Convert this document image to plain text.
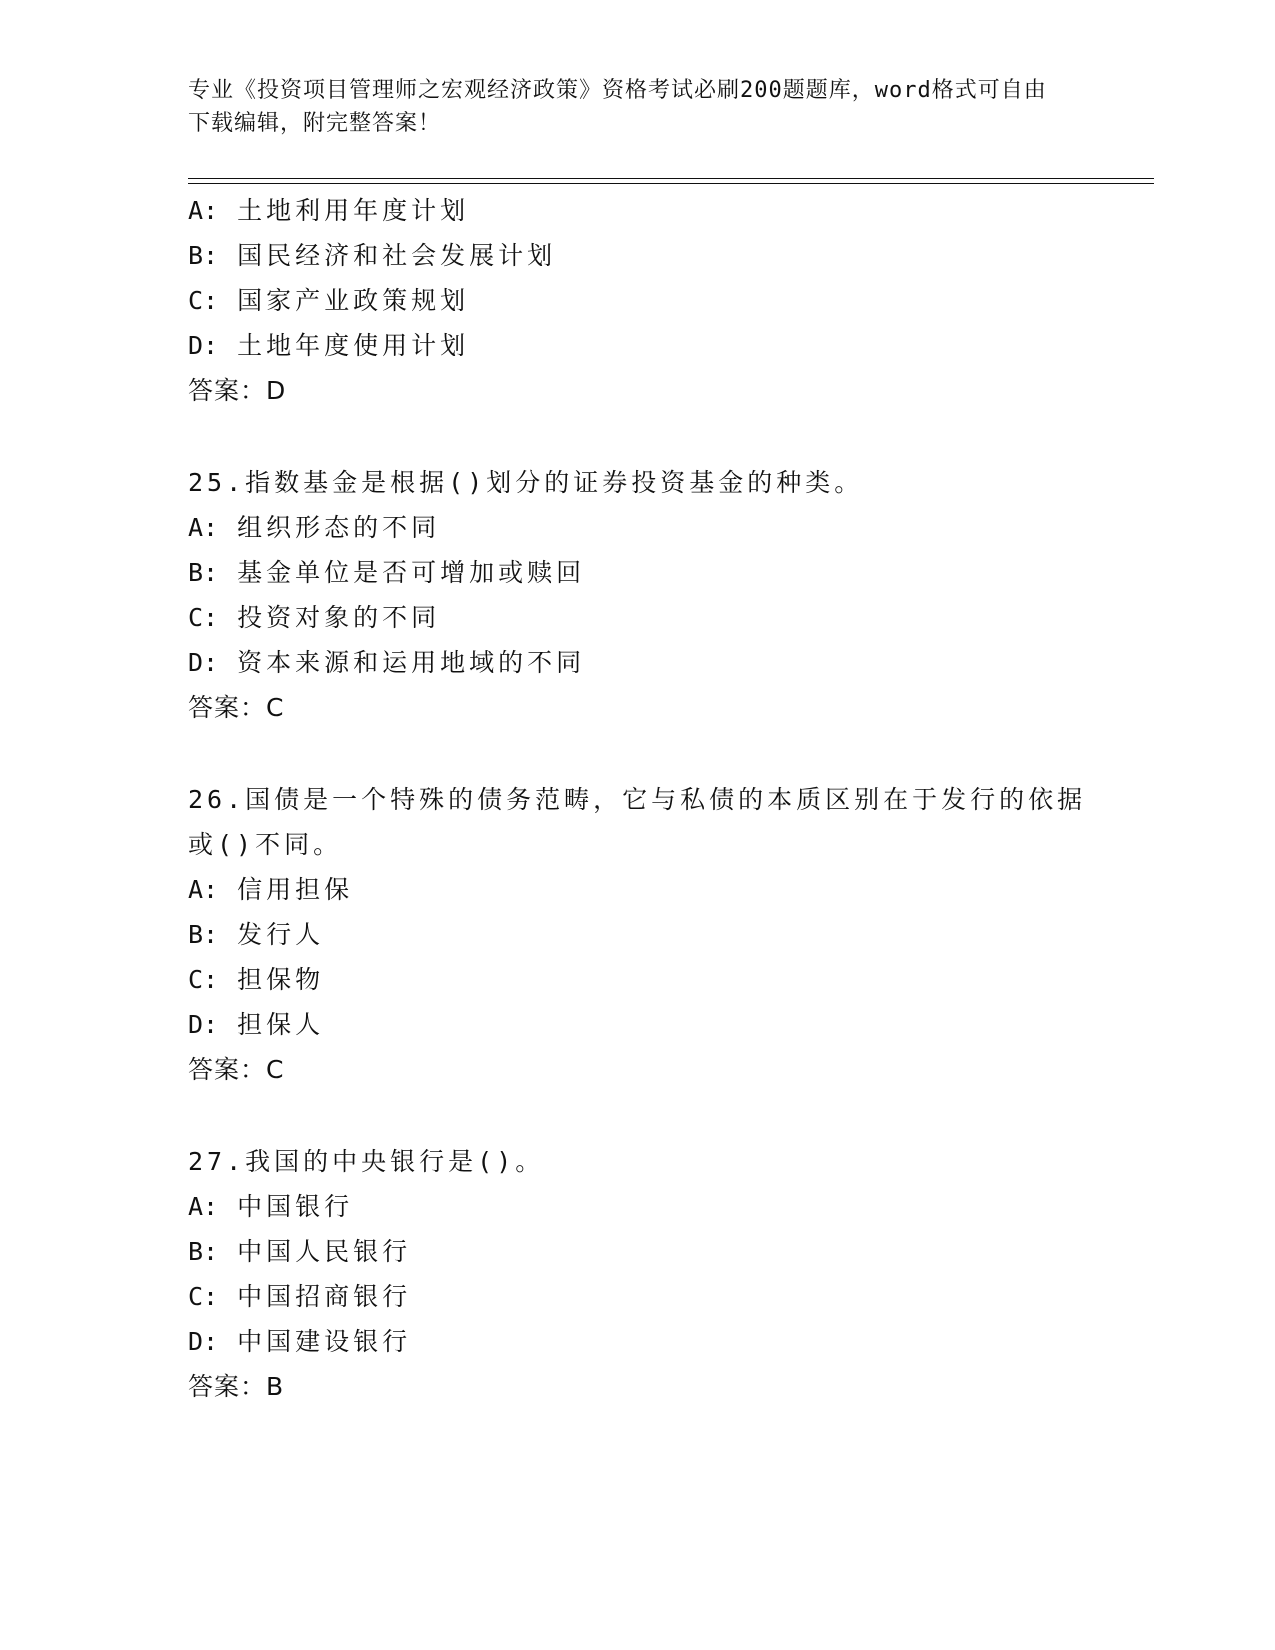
专业《投资项目管理师之宏观经济政策》资格考试必刷200题题库，word格式可自由下载编辑，附完整答案！
A: 土地利用年度计划
B: 国民经济和社会发展计划
C: 国家产业政策规划
D: 土地年度使用计划
答案：D
25.指数基金是根据()划分的证券投资基金的种类。
A: 组织形态的不同
B: 基金单位是否可增加或赎回
C: 投资对象的不同
D: 资本来源和运用地域的不同
答案：C
26.国债是一个特殊的债务范畴，它与私债的本质区别在于发行的依据或()不同。
A: 信用担保
B: 发行人
C: 担保物
D: 担保人
答案：C
27.我国的中央银行是()。
A: 中国银行
B: 中国人民银行
C: 中国招商银行
D: 中国建设银行
答案：B
